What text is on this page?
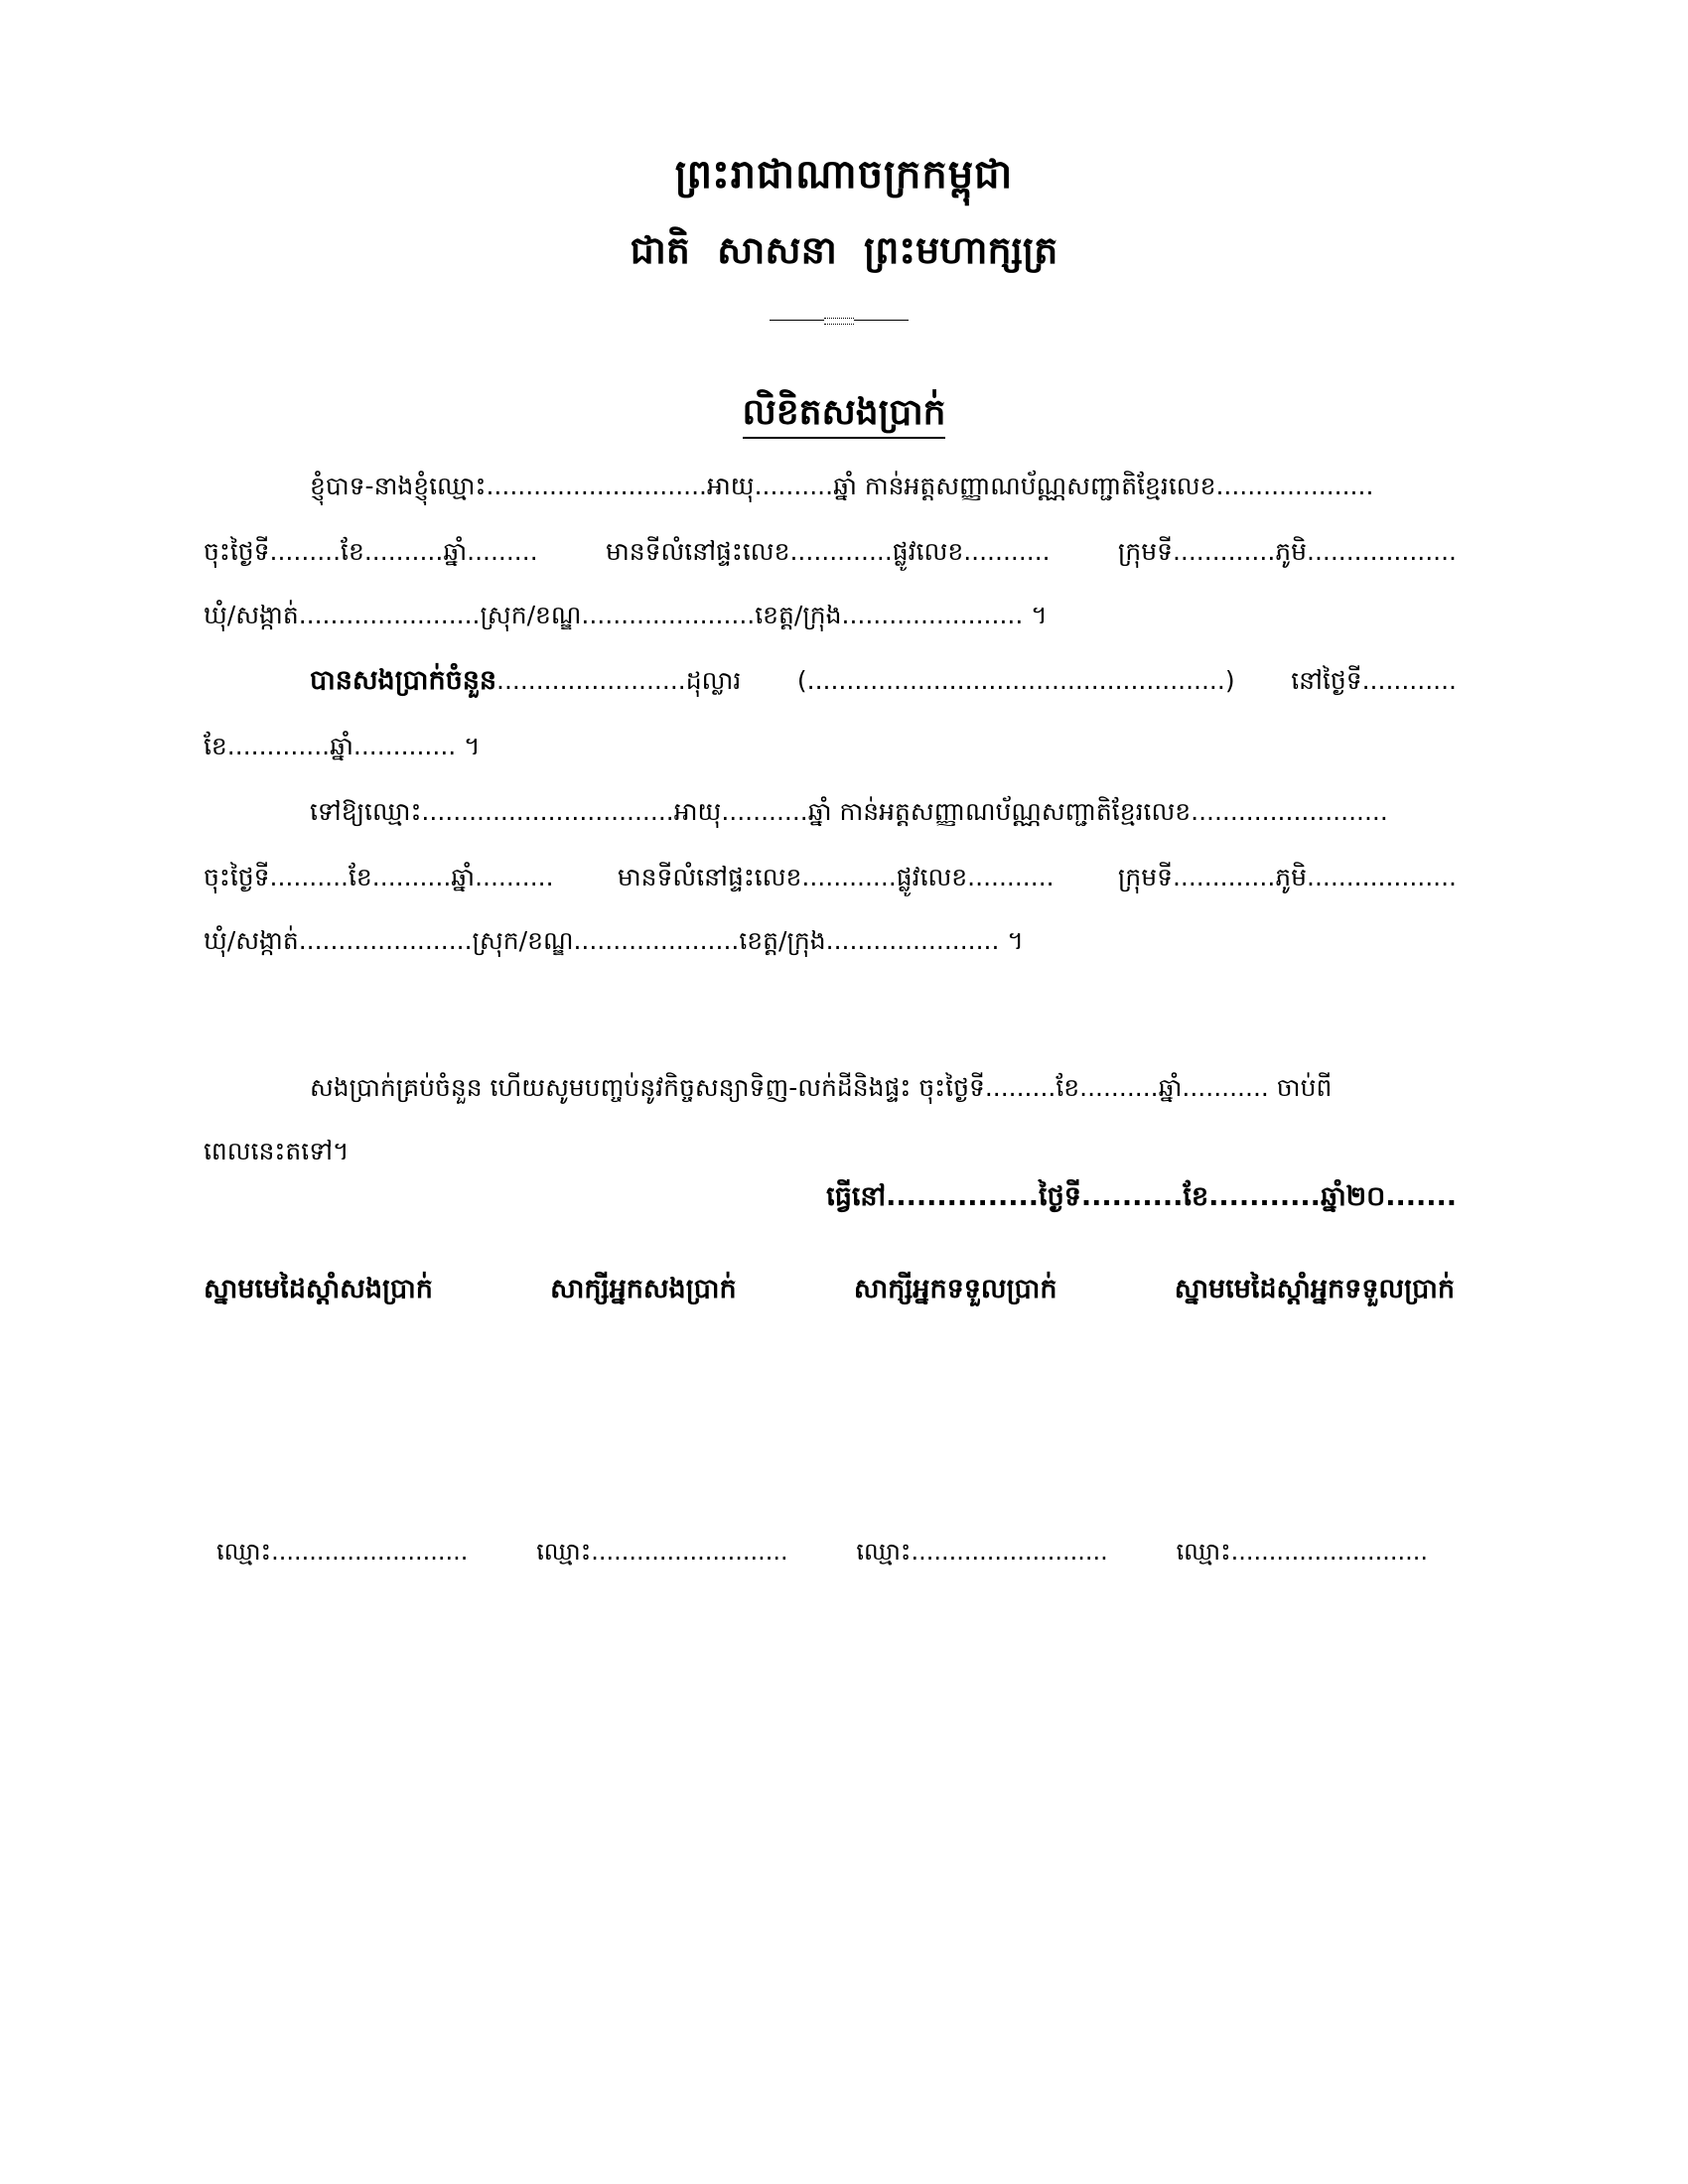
ព្រះរាជាណាចក្រកម្ពុជា
ជាតិ សាសនា ព្រះមហាក្សត្រ
លិខិតសងប្រាក់
ខ្ញុំបាទ-នាងខ្ញុំឈ្មោះ............................អាយុ..........ឆ្នាំ កាន់អត្តសញ្ញាណប័ណ្ណសញ្ជាតិខ្មែរលេខ....................
ចុះថ្ងៃទី.........ខែ..........ឆ្នាំ.........	មានទីលំនៅផ្ទះលេខ.............ផ្លូវលេខ...........	ក្រុមទី.............ភូមិ...................
ឃុំ/សង្កាត់.......................ស្រុក/ខណ្ឌ......................ខេត្ត/ក្រុង....................... ។
បានសងប្រាក់ចំនួន........................ដុល្លារ (.....................................................) នៅថ្ងៃទី............
ខែ.............ឆ្នាំ............. ។
ទៅឱ្យឈ្មោះ................................អាយុ...........ឆ្នាំ កាន់អត្តសញ្ញាណប័ណ្ណសញ្ជាតិខ្មែរលេខ.........................
ចុះថ្ងៃទី..........ខែ..........ឆ្នាំ..........	មានទីលំនៅផ្ទះលេខ............ផ្លូវលេខ...........	ក្រុមទី.............ភូមិ...................
ឃុំ/សង្កាត់......................ស្រុក/ខណ្ឌ.....................ខេត្ត/ក្រុង...................... ។
សងប្រាក់គ្រប់ចំនួន ហើយសូមបញ្ចប់នូវកិច្ចសន្យាទិញ-លក់ដីនិងផ្ទះ ចុះថ្ងៃទី.........ខែ..........ឆ្នាំ........... ចាប់ពី
ពេលនេះតទៅ។
ធ្វើនៅ...............ថ្ងៃទី..........ខែ...........ឆ្នាំ២០.......
ស្នាមមេដៃស្តាំសងប្រាក់	សាក្សីអ្នកសងប្រាក់	សាក្សីអ្នកទទួលប្រាក់	ស្នាមមេដៃស្តាំអ្នកទទួលប្រាក់
ឈ្មោះ..........................	ឈ្មោះ..........................	ឈ្មោះ..........................	ឈ្មោះ..........................
